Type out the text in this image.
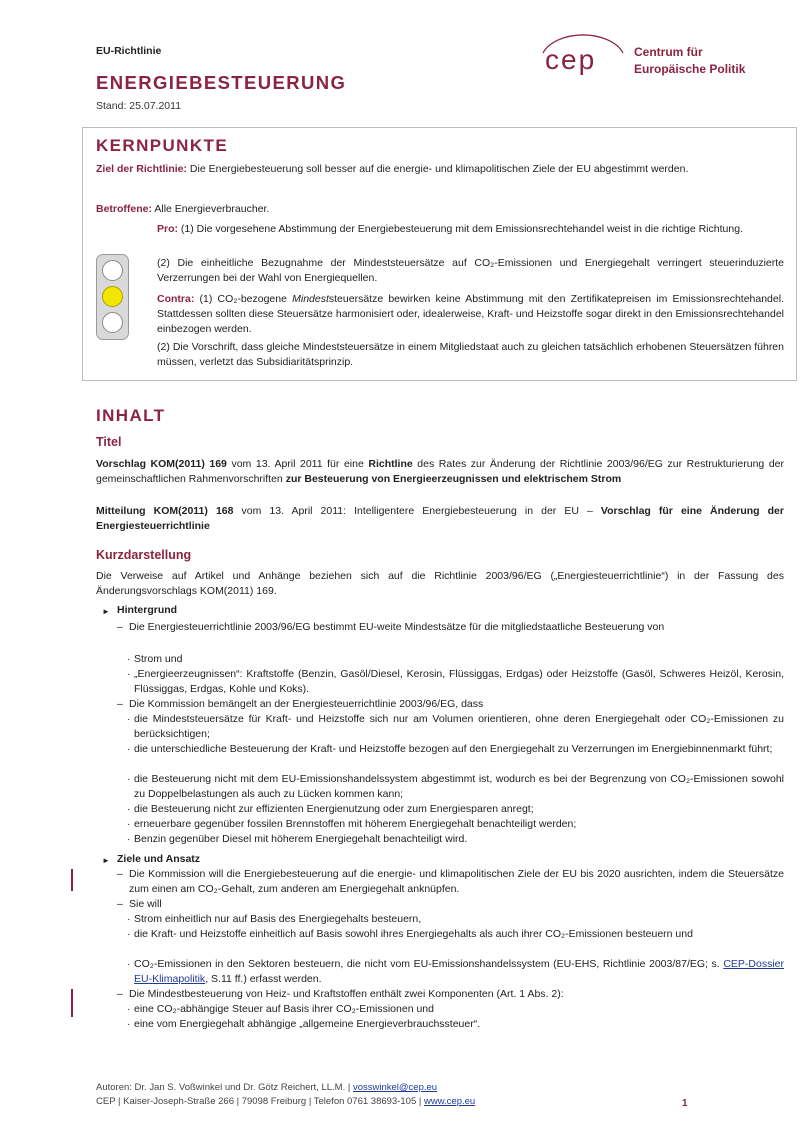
EU-Richtlinie
ENERGIEBESTEUERUNG
Stand: 25.07.2011
cep	Centrum für
Europäische Politik
KERNPUNKTE
Ziel der Richtlinie: Die Energiebesteuerung soll besser auf die energie- und klimapolitischen Ziele der EU abgestimmt werden.
Betroffene: Alle Energieverbraucher.
Pro: (1) Die vorgesehene Abstimmung der Energiebesteuerung mit dem Emissionsrechtehandel weist in die richtige Richtung.
(2) Die einheitliche Bezugnahme der Mindeststeuersätze auf CO₂-Emissionen und Energiegehalt verringert steuerinduzierte Verzerrungen bei der Wahl von Energiequellen.
Contra: (1) CO₂-bezogene Mindeststeuersätze bewirken keine Abstimmung mit den Zertifikatepreisen im Emissionsrechtehandel. Stattdessen sollten diese Steuersätze harmonisiert oder, idealerweise, Kraft- und Heizstoffe sogar direkt in den Emissionsrechtehandel einbezogen werden.
(2) Die Vorschrift, dass gleiche Mindeststeuersätze in einem Mitgliedstaat auch zu gleichen tatsächlich erhobenen Steuersätzen führen müssen, verletzt das Subsidiaritätsprinzip.
INHALT
Titel
Vorschlag KOM(2011) 169 vom 13. April 2011 für eine Richtline des Rates zur Änderung der Richtlinie 2003/96/EG zur Restrukturierung der gemeinschaftlichen Rahmenvorschriften zur Besteuerung von Energieerzeugnissen und elektrischem Strom
Mitteilung KOM(2011) 168 vom 13. April 2011: Intelligentere Energiebesteuerung in der EU – Vorschlag für eine Änderung der Energiesteuerrichtlinie
Kurzdarstellung
Die Verweise auf Artikel und Anhänge beziehen sich auf die Richtlinie 2003/96/EG („Energiesteuerrichtlinie“) in der Fassung des Änderungsvorschlags KOM(2011) 169.
► Hintergrund
– Die Energiesteuerrichtlinie 2003/96/EG bestimmt EU-weite Mindestsätze für die mitgliedstaatliche Besteuerung von
· Strom und
· „Energieerzeugnissen“: Kraftstoffe (Benzin, Gasöl/Diesel, Kerosin, Flüssiggas, Erdgas) oder Heizstoffe (Gasöl, Schweres Heizöl, Kerosin, Flüssiggas, Erdgas, Kohle und Koks).
– Die Kommission bemängelt an der Energiesteuerrichtlinie 2003/96/EG, dass
· die Mindeststeuersätze für Kraft- und Heizstoffe sich nur am Volumen orientieren, ohne deren Energiegehalt oder CO₂-Emissionen zu berücksichtigen;
· die unterschiedliche Besteuerung der Kraft- und Heizstoffe bezogen auf den Energiegehalt zu Verzerrungen im Energiebinnenmarkt führt;
· die Besteuerung nicht mit dem EU-Emissionshandelssystem abgestimmt ist, wodurch es bei der Begrenzung von CO₂-Emissionen sowohl zu Doppelbelastungen als auch zu Lücken kommen kann;
· die Besteuerung nicht zur effizienten Energienutzung oder zum Energiesparen anregt;
· erneuerbare gegenüber fossilen Brennstoffen mit höherem Energiegehalt benachteiligt werden;
· Benzin gegenüber Diesel mit höherem Energiegehalt benachteiligt wird.
► Ziele und Ansatz
– Die Kommission will die Energiebesteuerung auf die energie- und klimapolitischen Ziele der EU bis 2020 ausrichten, indem die Steuersätze zum einen am CO₂-Gehalt, zum anderen am Energiegehalt anknüpfen.
– Sie will
· Strom einheitlich nur auf Basis des Energiegehalts besteuern,
· die Kraft- und Heizstoffe einheitlich auf Basis sowohl ihres Energiegehalts als auch ihrer CO₂-Emissionen besteuern und
· CO₂-Emissionen in den Sektoren besteuern, die nicht vom EU-Emissionshandelssystem (EU-EHS, Richtlinie 2003/87/EG; s. CEP-Dossier EU-Klimapolitik, S.11 ff.) erfasst werden.
– Die Mindestbesteuerung von Heiz- und Kraftstoffen enthält zwei Komponenten (Art. 1 Abs. 2):
· eine CO₂-abhängige Steuer auf Basis ihrer CO₂-Emissionen und
· eine vom Energiegehalt abhängige „allgemeine Energieverbrauchssteuer“.
Autoren: Dr. Jan S. Voßwinkel und Dr. Götz Reichert, LL.M. | vosswinkel@cep.eu
CEP | Kaiser-Joseph-Straße 266 | 79098 Freiburg | Telefon 0761 38693-105 | www.cep.eu	1
